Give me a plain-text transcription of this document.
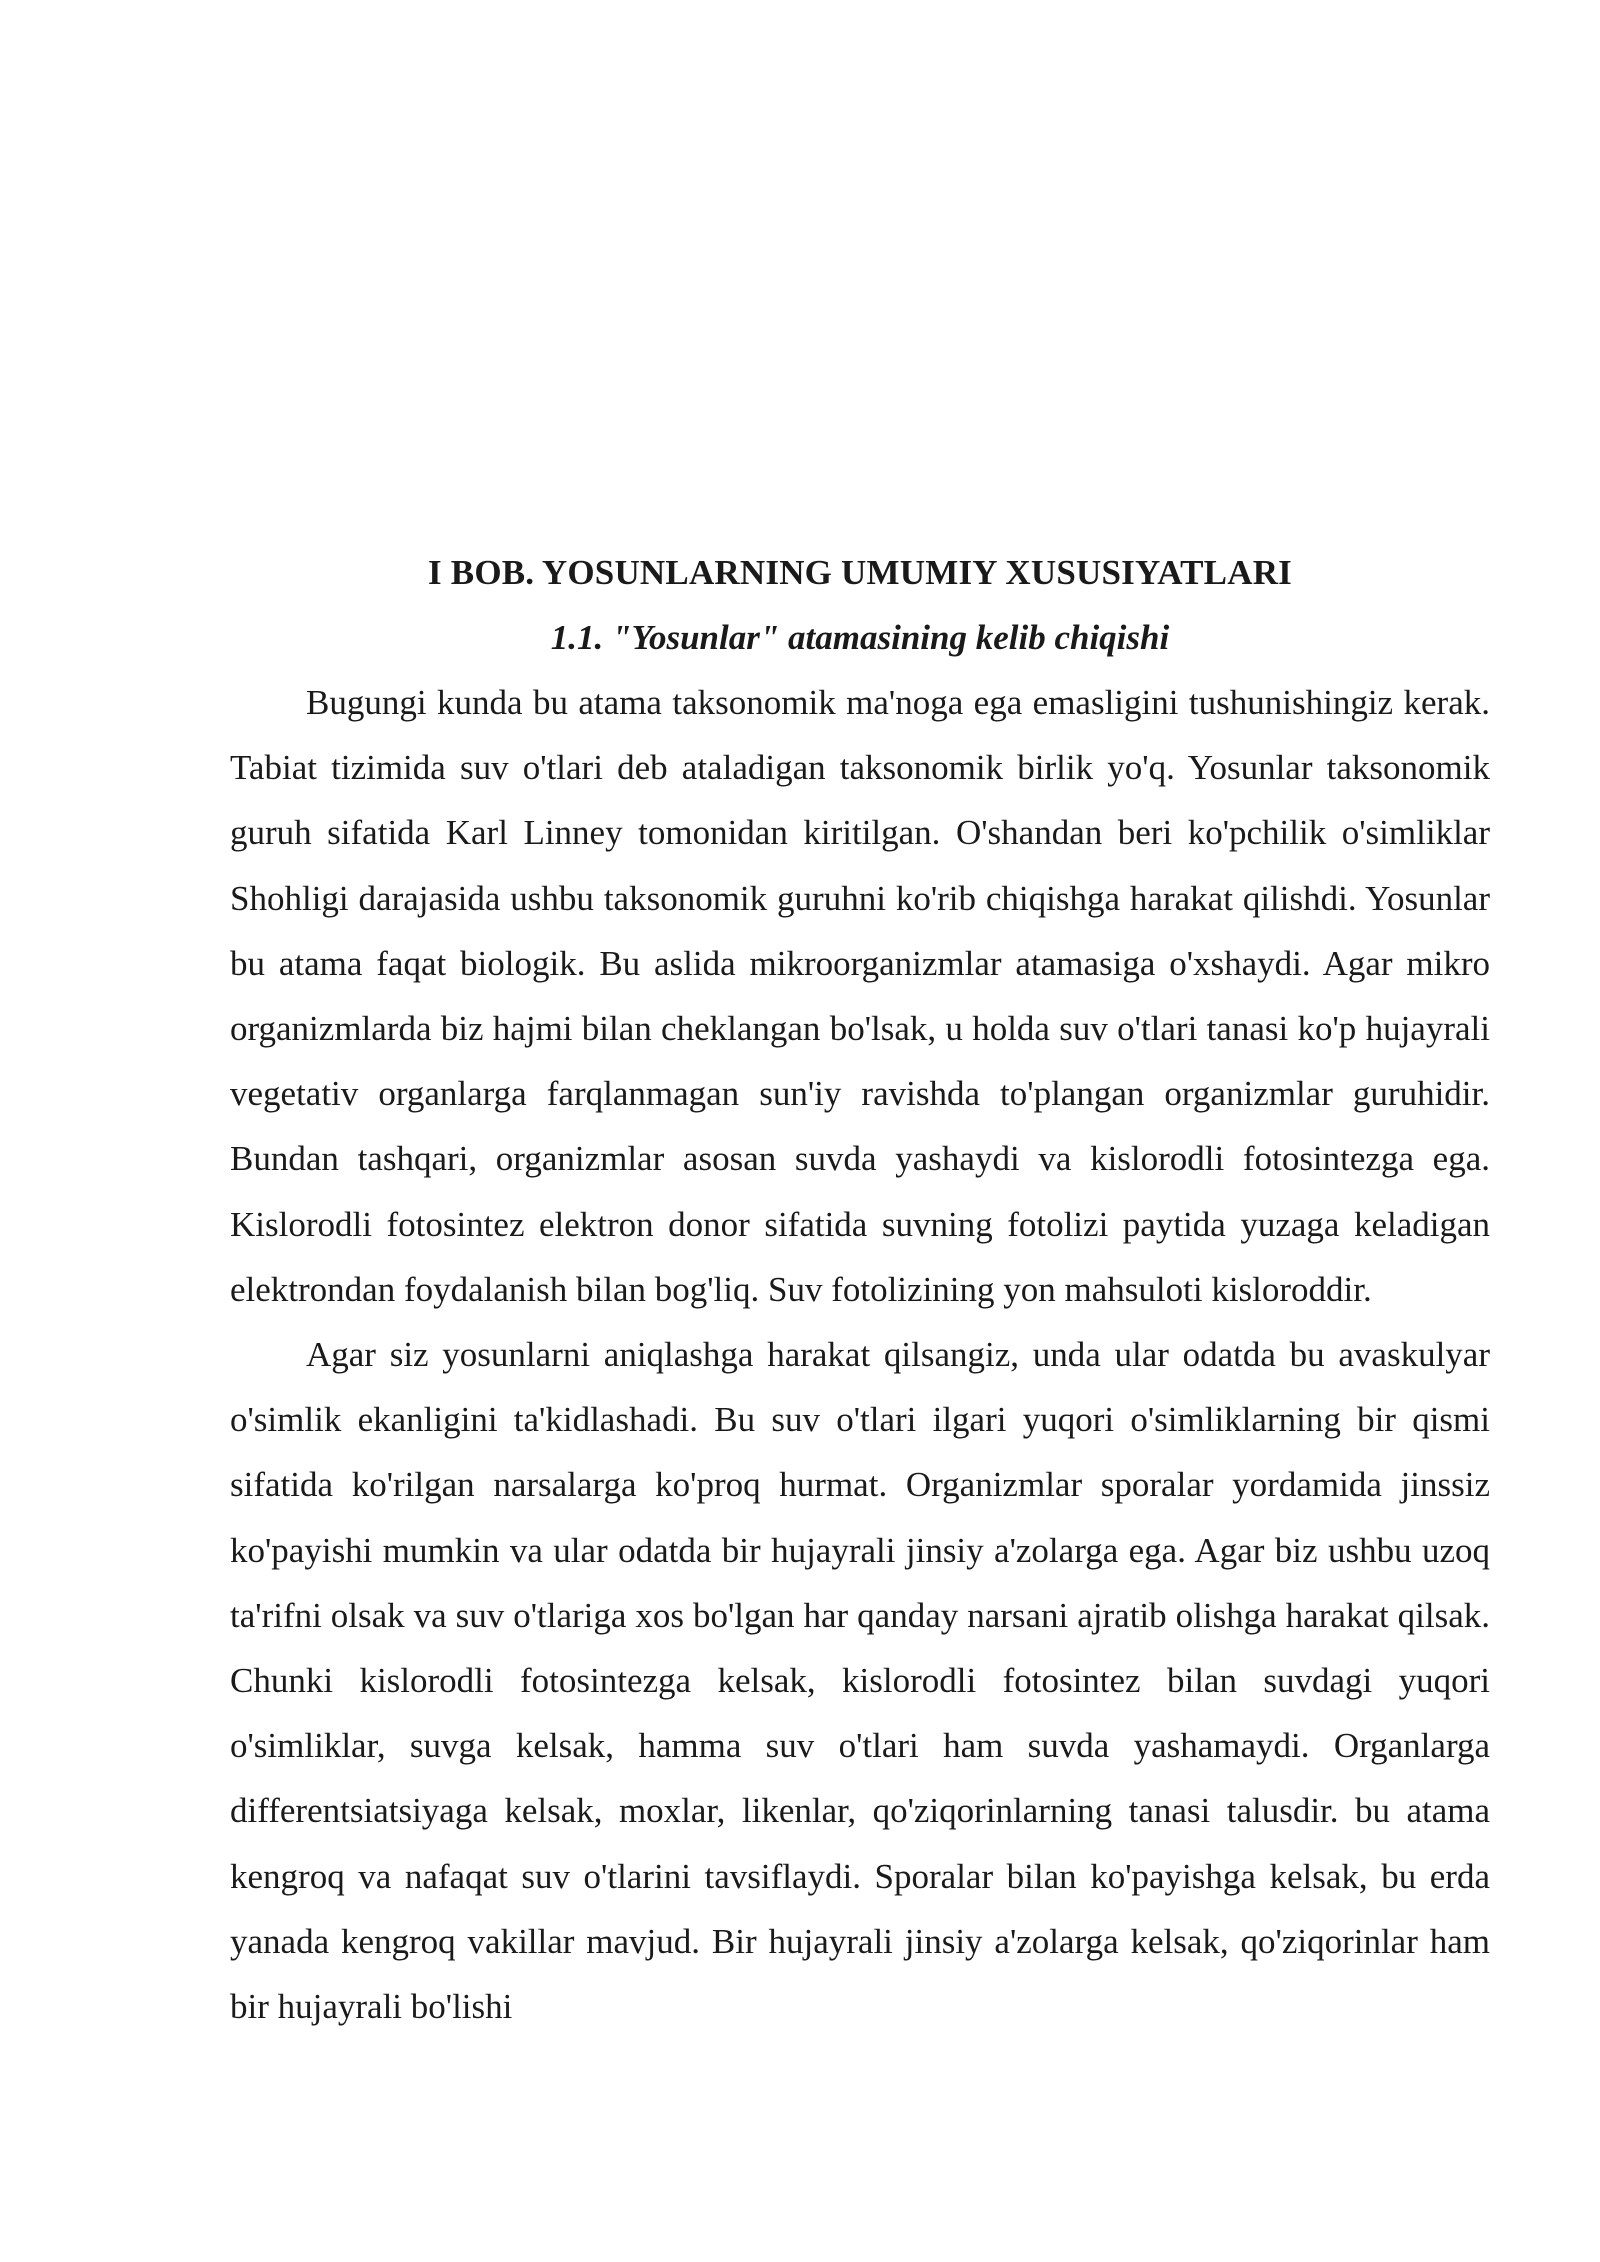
I BOB. YOSUNLARNING UMUMIY XUSUSIYATLARI
1.1. "Yosunlar" atamasining kelib chiqishi

Bugungi kunda bu atama taksonomik ma'noga ega emasligini tushunishingiz kerak. Tabiat tizimida suv o'tlari deb ataladigan taksonomik birlik yo'q. Yosunlar taksonomik guruh sifatida Karl Linney tomonidan kiritilgan. O'shandan beri ko'pchilik o'simliklar Shohligi darajasida ushbu taksonomik guruhni ko'rib chiqishga harakat qilishdi. Yosunlar bu atama faqat biologik. Bu aslida mikroorganizmlar atamasiga o'xshaydi. Agar mikro organizmlarda biz hajmi bilan cheklangan bo'lsak, u holda suv o'tlari tanasi ko'p hujayrali vegetativ organlarga farqlanmagan sun'iy ravishda to'plangan organizmlar guruhidir. Bundan tashqari, organizmlar asosan suvda yashaydi va kislorodli fotosintezga ega. Kislorodli fotosintez elektron donor sifatida suvning fotolizi paytida yuzaga keladigan elektrondan foydalanish bilan bog'liq. Suv fotolizining yon mahsuloti kisloroddir.

Agar siz yosunlarni aniqlashga harakat qilsangiz, unda ular odatda bu avaskulyar o'simlik ekanligini ta'kidlashadi. Bu suv o'tlari ilgari yuqori o'simliklarning bir qismi sifatida ko'rilgan narsalarga ko'proq hurmat. Organizmlar sporalar yordamida jinssiz ko'payishi mumkin va ular odatda bir hujayrali jinsiy a'zolarga ega. Agar biz ushbu uzoq ta'rifni olsak va suv o'tlariga xos bo'lgan har qanday narsani ajratib olishga harakat qilsak. Chunki kislorodli fotosintezga kelsak, kislorodli fotosintez bilan suvdagi yuqori o'simliklar, suvga kelsak, hamma suv o'tlari ham suvda yashamaydi. Organlarga differentsiatsiyaga kelsak, moxlar, likenlar, qo'ziqorinlarning tanasi talusdir. bu atama kengroq va nafaqat suv o'tlarini tavsiflaydi. Sporalar bilan ko'payishga kelsak, bu erda yanada kengroq vakillar mavjud. Bir hujayrali jinsiy a'zolarga kelsak, qo'ziqorinlar ham bir hujayrali bo'lishi
